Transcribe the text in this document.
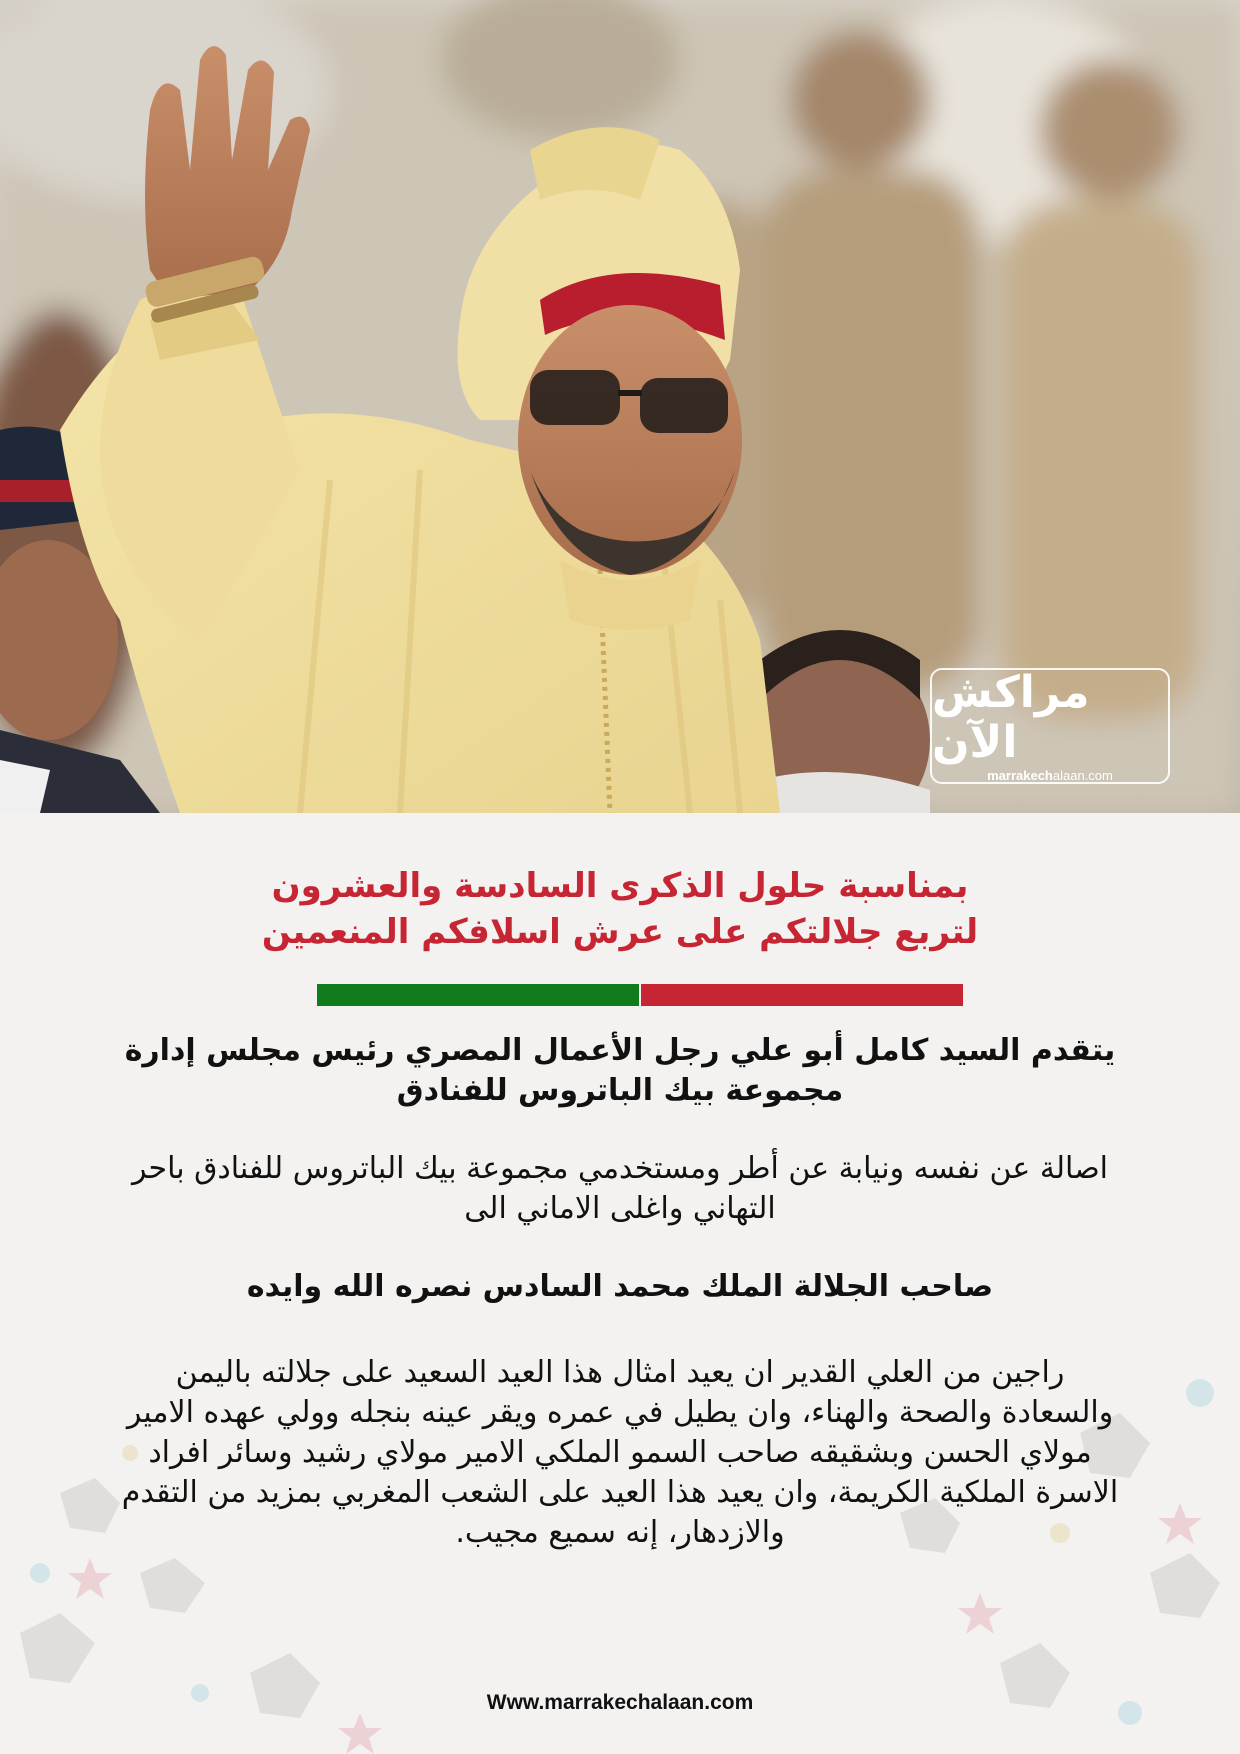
مراكش الآن
marrakechalaan.com
بمناسبة حلول الذكرى السادسة والعشرون
لتربع جلالتكم على عرش اسلافكم المنعمين
يتقدم السيد كامل أبو علي رجل الأعمال المصري رئيس مجلس إدارة مجموعة بيك الباتروس للفنادق
اصالة عن نفسه ونيابة عن أطر ومستخدمي مجموعة بيك الباتروس للفنادق باحر التهاني واغلى الاماني الى
صاحب الجلالة الملك محمد السادس نصره الله وايده
راجين من العلي القدير ان يعيد امثال هذا العيد السعيد على جلالته باليمن والسعادة والصحة والهناء، وان يطيل في عمره ويقر عينه بنجله وولي عهده الامير مولاي الحسن وبشقيقه صاحب السمو الملكي الامير مولاي رشيد وسائر افراد الاسرة الملكية الكريمة، وان يعيد هذا العيد على الشعب المغربي بمزيد من التقدم والازدهار، إنه سميع مجيب.
Www.marrakechalaan.com
